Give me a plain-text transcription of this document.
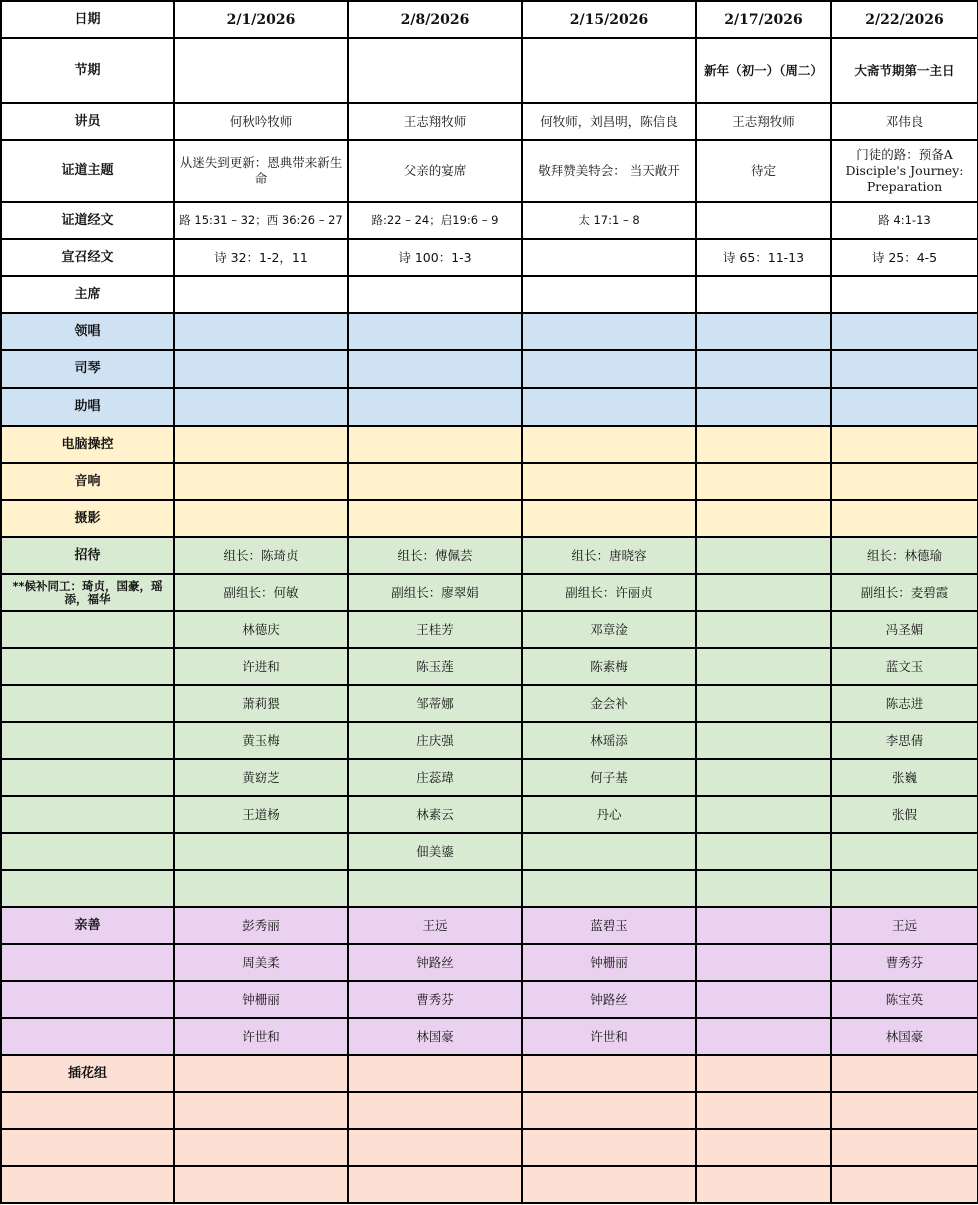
日期	2/1/2026	2/8/2026	2/15/2026	2/17/2026	2/22/2026
节期				新年（初一）（周二）	大斋节期第一主日
讲员	何秋吟牧师	王志翔牧师	何牧师，刘昌明，陈信良	王志翔牧师	邓伟良
证道主题	从迷失到更新：恩典带来新生命	父亲的宴席	敬拜赞美特会： 当天敞开	待定	门徒的路：预备A Disciple's Journey: Preparation
证道经文	路 15:31 – 32；西 36:26 – 27	路:22 – 24；启19:6 – 9	太 17:1 – 8		路 4:1-13
宣召经文	诗 32：1-2，11	诗 100：1-3		诗 65：11-13	诗 25：4-5
主席					
领唱					
司琴					
助唱					
电脑操控					
音响					
摄影					
招待	组长：陈琦贞	组长：傅佩芸	组长：唐晓容		组长：林德瑜
**候补同工：琦贞，国豪，瑶添，福华	副组长：何敏	副组长：廖翠娟	副组长：许丽贞		副组长：麦碧霞
	林德庆	王桂芳	邓章淦		冯圣媚
	许进和	陈玉莲	陈素梅		蓝文玉
	萧莉猥	邹蒂娜	金会补		陈志进
	黄玉梅	庄庆强	林瑶添		李思倩
	黄窈芝	庄蕊瑋	何子基		张巍
	王道杨	林素云	丹心		张假
		佃美鎏			

亲善	彭秀丽	王远	蓝碧玉		王远
	周美柔	钟路丝	钟栅丽		曹秀芬
	钟栅丽	曹秀芬	钟路丝		陈宝英
	许世和	林国豪	许世和		林国豪
插花组					
